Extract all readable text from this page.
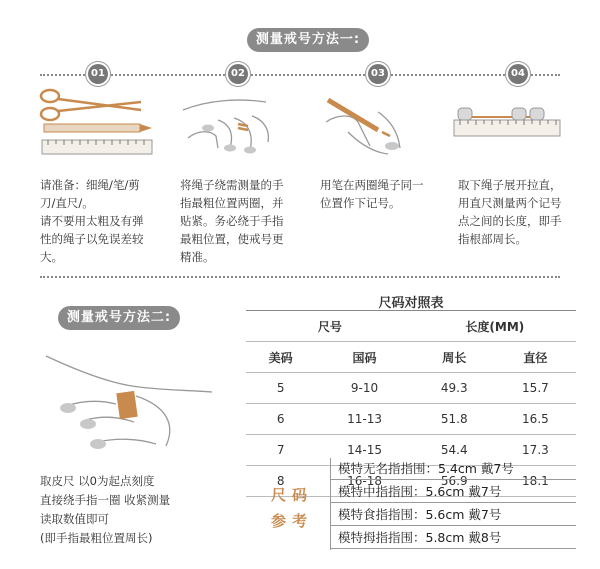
测量戒号方法一:
01	02	03	04

请准备：细绳/笔/剪

刀/直尺/。

请不要用太粗及有弹

性的绳子以免误差较

大。

将绳子绕需测量的手

指最粗位置两圈，并

贴紧。务必绕于手指

最粗位置，使戒号更

精准。

用笔在两圈绳子同一

位置作下记号。

取下绳子展开拉直，

用直尺测量两个记号

点之间的长度，即手

指根部周长。

测量戒号方法二:

取皮尺 以0为起点刻度

直接绕手指一圈 收紧测量

读取数值即可

(即手指最粗位置周长)

尺码对照表
尺号		长度(MM)	
美码	国码	周长	直径
5	9-10	49.3	15.7
6	11-13	51.8	16.5
7	14-15	54.4	17.3
8	16-18	56.9	18.1
尺码
参考
模特无名指指围：5.4cm 戴7号
模特中指指围：5.6cm 戴7号
模特食指指围：5.6cm 戴7号
模特拇指指围：5.8cm 戴8号
